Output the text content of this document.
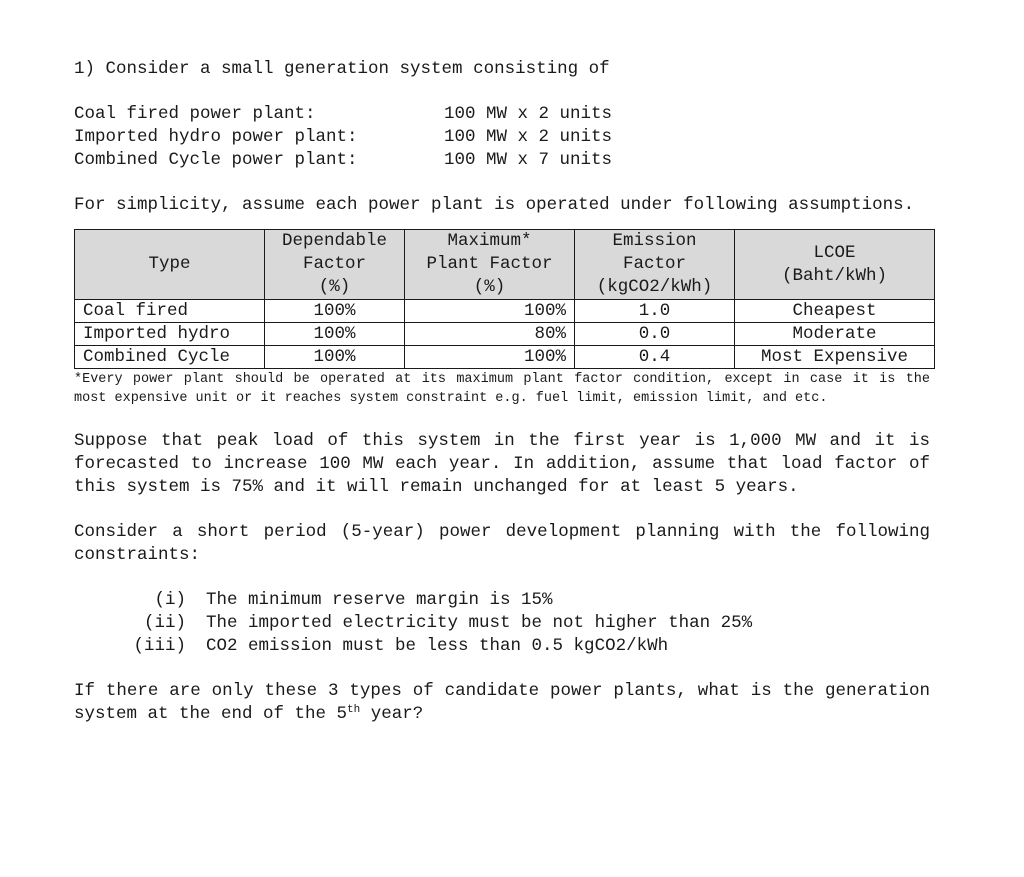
1) Consider a small generation system consisting of

Coal fired power plant:	100 MW x 2 units
Imported hydro power plant:	100 MW x 2 units
Combined Cycle power plant:	100 MW x 7 units

For simplicity, assume each power plant is operated under following assumptions.

Type	Dependable
Factor
(%)	Maximum*
Plant Factor
(%)	Emission
Factor
(kgCO2/kWh)	LCOE
(Baht/kWh)
Coal fired	100%	100%	1.0	Cheapest
Imported hydro	100%	80%	0.0	Moderate
Combined Cycle	100%	100%	0.4	Most Expensive

*Every power plant should be operated at its maximum plant factor condition, except in case it is the most expensive unit or it reaches system constraint e.g. fuel limit, emission limit, and etc.

Suppose that peak load of this system in the first year is 1,000 MW and it is forecasted to increase 100 MW each year. In addition, assume that load factor of this system is 75% and it will remain unchanged for at least 5 years.

Consider a short period (5-year) power development planning with the following constraints:

(i) The minimum reserve margin is 15%
(ii) The imported electricity must be not higher than 25%
(iii) CO2 emission must be less than 0.5 kgCO2/kWh

If there are only these 3 types of candidate power plants, what is the generation system at the end of the 5th year?
